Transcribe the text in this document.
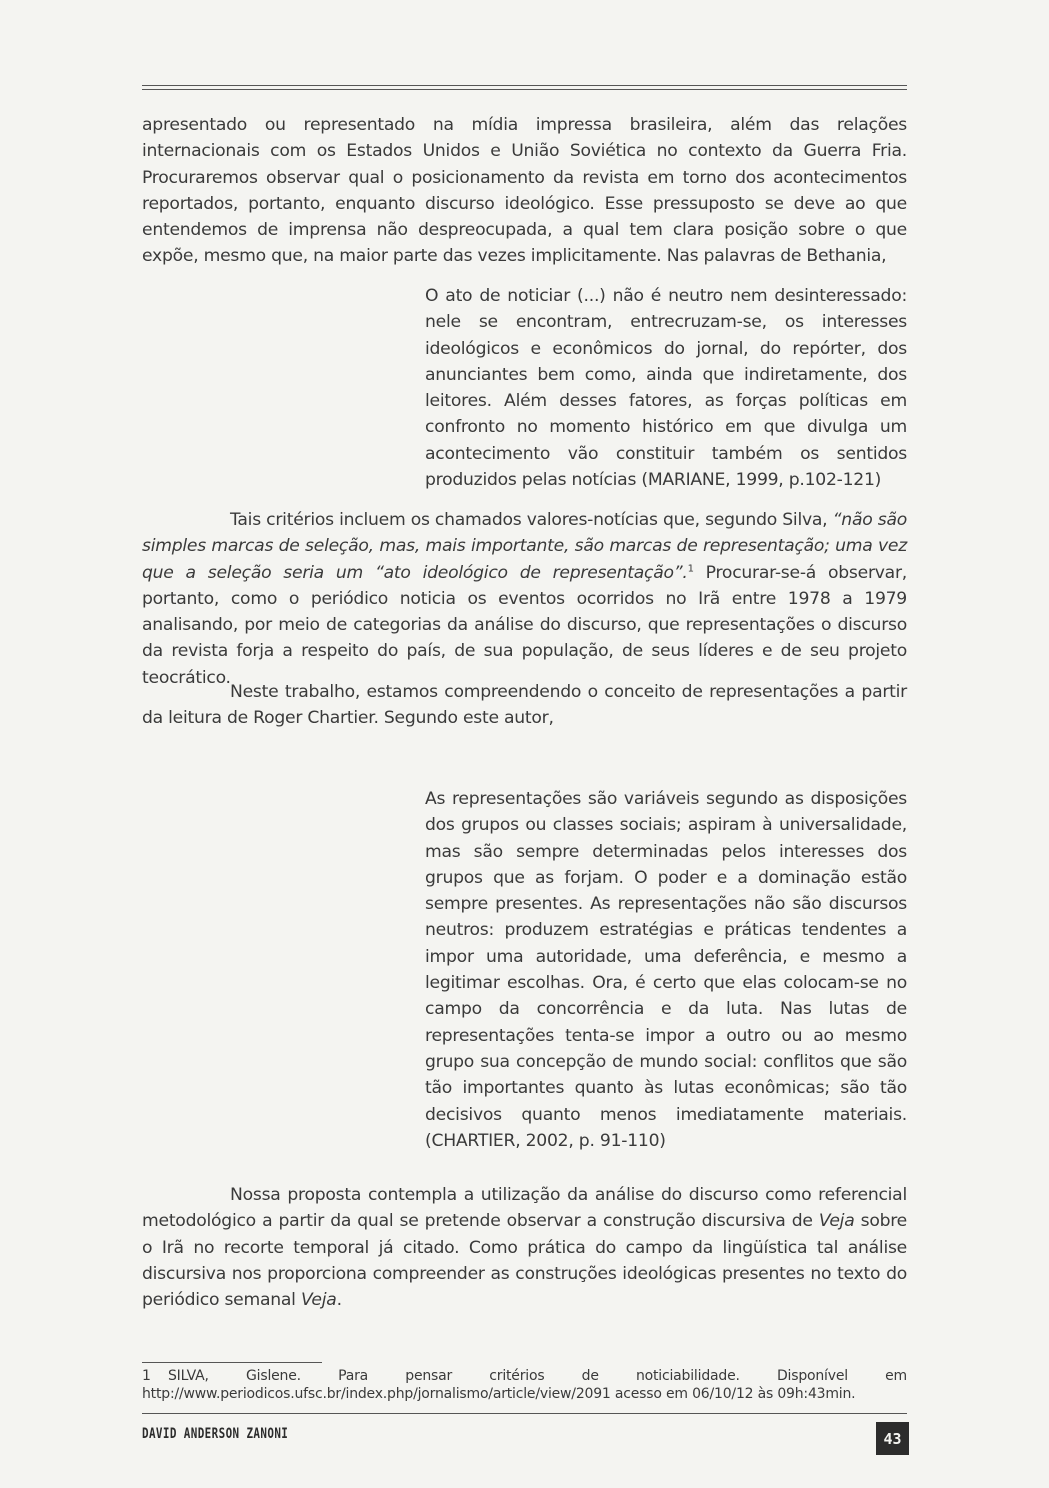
apresentado ou representado na mídia impressa brasileira, além das relações internacionais com os Estados Unidos e União Soviética no contexto da Guerra Fria. Procuraremos observar qual o posicionamento da revista em torno dos acontecimentos reportados, portanto, enquanto discurso ideológico. Esse pressuposto se deve ao que entendemos de imprensa não despreocupada, a qual tem clara posição sobre o que expõe, mesmo que, na maior parte das vezes implicitamente. Nas palavras de Bethania,

O ato de noticiar (...) não é neutro nem desinteressado: nele se encontram, entrecruzam-se, os interesses ideológicos e econômicos do jornal, do repórter, dos anunciantes bem como, ainda que indiretamente, dos leitores. Além desses fatores, as forças políticas em confronto no momento histórico em que divulga um acontecimento vão constituir também os sentidos produzidos pelas notícias (MARIANE, 1999, p.102-121)

Tais critérios incluem os chamados valores-notícias que, segundo Silva, “não são simples marcas de seleção, mas, mais importante, são marcas de representação; uma vez que a seleção seria um “ato ideológico de representação”.$^1$ Procurar-se-á observar, portanto, como o periódico noticia os eventos ocorridos no Irã entre 1978 a 1979 analisando, por meio de categorias da análise do discurso, que representações o discurso da revista forja a respeito do país, de sua população, de seus líderes e de seu projeto teocrático.

Neste trabalho, estamos compreendendo o conceito de representações a partir da leitura de Roger Chartier. Segundo este autor,

As representações são variáveis segundo as disposições dos grupos ou classes sociais; aspiram à universalidade, mas são sempre determinadas pelos interesses dos grupos que as forjam. O poder e a dominação estão sempre presentes. As representações não são discursos neutros: produzem estratégias e práticas tendentes a impor uma autoridade, uma deferência, e mesmo a legitimar escolhas. Ora, é certo que elas colocam-se no campo da concorrência e da luta. Nas lutas de representações tenta-se impor a outro ou ao mesmo grupo sua concepção de mundo social: conflitos que são tão importantes quanto às lutas econômicas; são tão decisivos quanto menos imediatamente materiais. (CHARTIER, 2002, p. 91-110)

Nossa proposta contempla a utilização da análise do discurso como referencial metodológico a partir da qual se pretende observar a construção discursiva de Veja sobre o Irã no recorte temporal já citado. Como prática do campo da lingüística tal análise discursiva nos proporciona compreender as construções ideológicas presentes no texto do periódico semanal Veja.

1 SILVA, Gislene. Para pensar critérios de noticiabilidade. Disponível em http://www.periodicos.ufsc.br/index.php/jornalismo/article/view/2091 acesso em 06/10/12 às 09h:43min.

DAVID ANDERSON ZANONI	43
